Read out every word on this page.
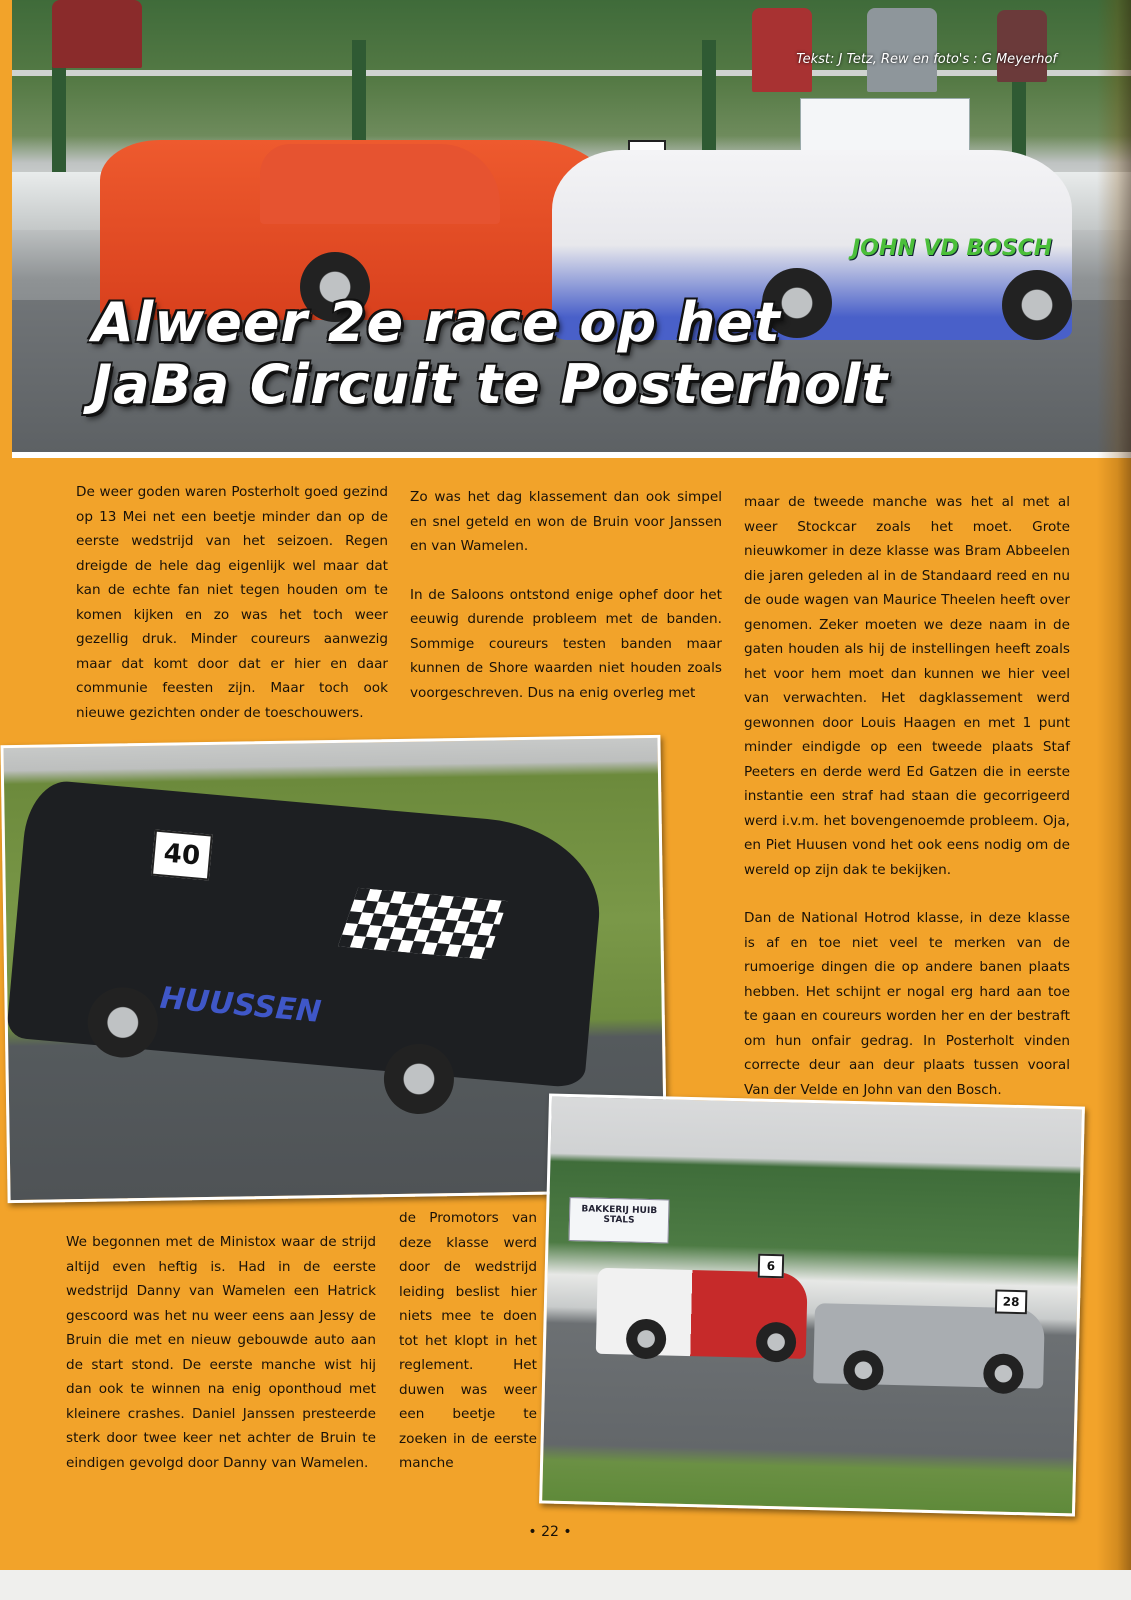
JOHN VD BOSCH
Tekst: J Tetz, Rew en foto's : G Meyerhof
Alweer 2e race op het
JaBa Circuit te Posterholt

De weer goden waren Posterholt goed gezind op 13 Mei net een beetje minder dan op de eerste wedstrijd van het seizoen. Regen dreigde de hele dag eigenlijk wel maar dat kan de echte fan niet tegen houden om te komen kijken en zo was het toch weer gezellig druk. Minder coureurs aanwezig maar dat komt door dat er hier en daar communie feesten zijn. Maar toch ook nieuwe gezichten onder de toeschouwers.

Zo was het dag klassement dan ook simpel en snel geteld en won de Bruin voor Janssen en van Wamelen.

In de Saloons ontstond enige ophef door het eeuwig durende probleem met de banden. Sommige coureurs testen banden maar kunnen de Shore waarden niet houden zoals voorgeschreven. Dus na enig overleg met

maar de tweede manche was het al met al weer Stockcar zoals het moet. Grote nieuwkomer in deze klasse was Bram Abbeelen die jaren geleden al in de Standaard reed en nu de oude wagen van Maurice Theelen heeft over genomen. Zeker moeten we deze naam in de gaten houden als hij de instellingen heeft zoals het voor hem moet dan kunnen we hier veel van verwachten. Het dagklassement werd gewonnen door Louis Haagen en met 1 punt minder eindigde op een tweede plaats Staf Peeters en derde werd Ed Gatzen die in eerste instantie een straf had staan die gecorrigeerd werd i.v.m. het bovengenoemde probleem. Oja, en Piet Huusen vond het ook eens nodig om de wereld op zijn dak te bekijken.

Dan de National Hotrod klasse, in deze klasse is af en toe niet veel te merken van de rumoerige dingen die op andere banen plaats hebben. Het schijnt er nogal erg hard aan toe te gaan en coureurs worden her en der bestraft om hun onfair gedrag. In Posterholt vinden correcte deur aan deur plaats tussen vooral Van der Velde en John van den Bosch.

40
HUUSSEN

We begonnen met de Ministox waar de strijd altijd even heftig is. Had in de eerste wedstrijd Danny van Wamelen een Hatrick gescoord was het nu weer eens aan Jessy de Bruin die met en nieuw gebouwde auto aan de start stond. De eerste manche wist hij dan ook te winnen na enig oponthoud met kleinere crashes. Daniel Janssen presteerde sterk door twee keer net achter de Bruin te eindigen gevolgd door Danny van Wamelen.

de Promotors van deze klasse werd door de wedstrijd leiding beslist hier niets mee te doen tot het klopt in het reglement. Het duwen was weer een beetje te zoeken in de eerste manche

BAKKERIJ HUIB STALS
6
28
• 22 •
